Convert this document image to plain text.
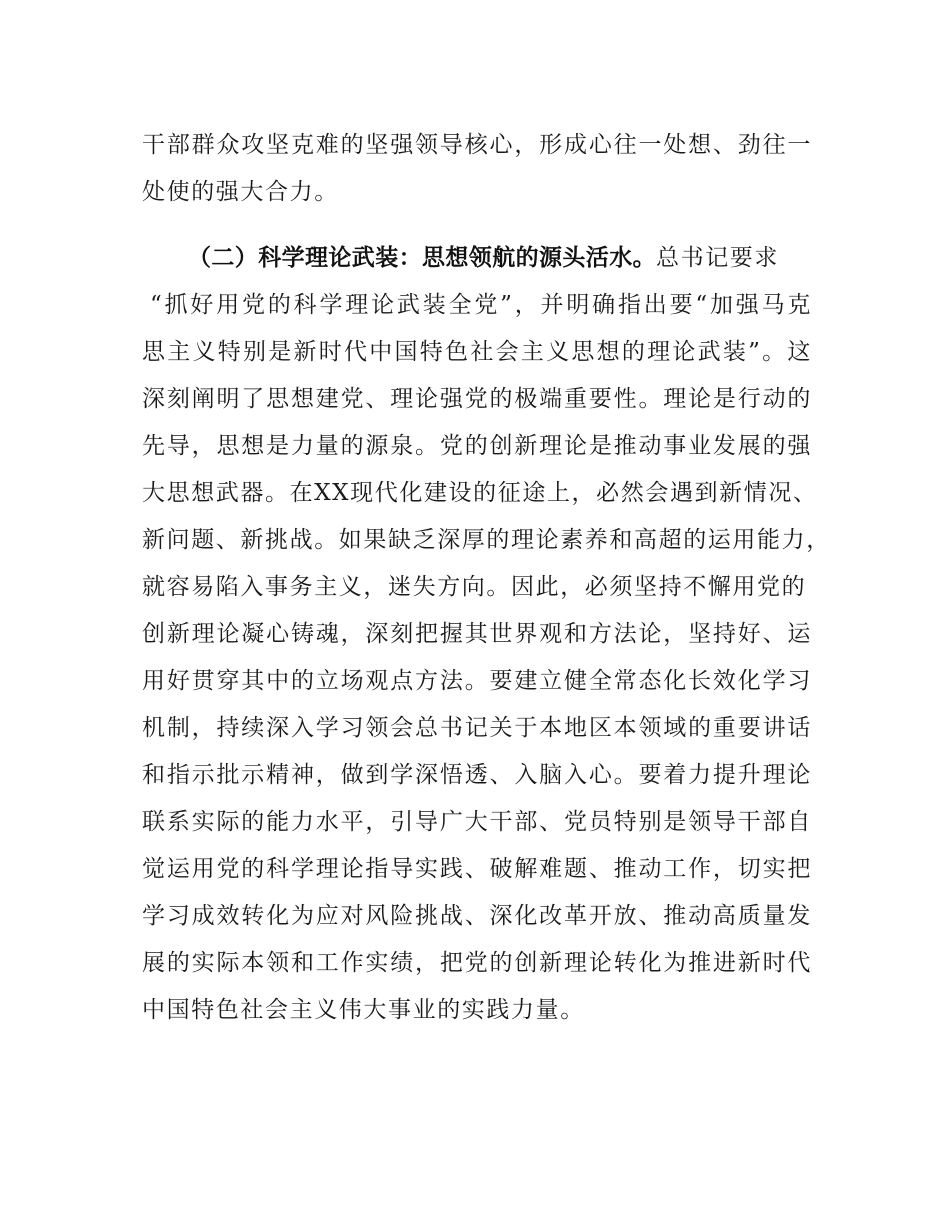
干部群众攻坚克难的坚强领导核心，形成心往一处想、劲往一
处使的强大合力。
（二）科学理论武装：思想领航的源头活水。总书记要求
“抓好用党的科学理论武装全党”，并明确指出要“加强马克
思主义特别是新时代中国特色社会主义思想的理论武装”。这
深刻阐明了思想建党、理论强党的极端重要性。理论是行动的
先导，思想是力量的源泉。党的创新理论是推动事业发展的强
大思想武器。在XX现代化建设的征途上，必然会遇到新情况、
新问题、新挑战。如果缺乏深厚的理论素养和高超的运用能力，
就容易陷入事务主义，迷失方向。因此，必须坚持不懈用党的
创新理论凝心铸魂，深刻把握其世界观和方法论，坚持好、运
用好贯穿其中的立场观点方法。要建立健全常态化长效化学习
机制，持续深入学习领会总书记关于本地区本领域的重要讲话
和指示批示精神，做到学深悟透、入脑入心。要着力提升理论
联系实际的能力水平，引导广大干部、党员特别是领导干部自
觉运用党的科学理论指导实践、破解难题、推动工作，切实把
学习成效转化为应对风险挑战、深化改革开放、推动高质量发
展的实际本领和工作实绩，把党的创新理论转化为推进新时代
中国特色社会主义伟大事业的实践力量。
